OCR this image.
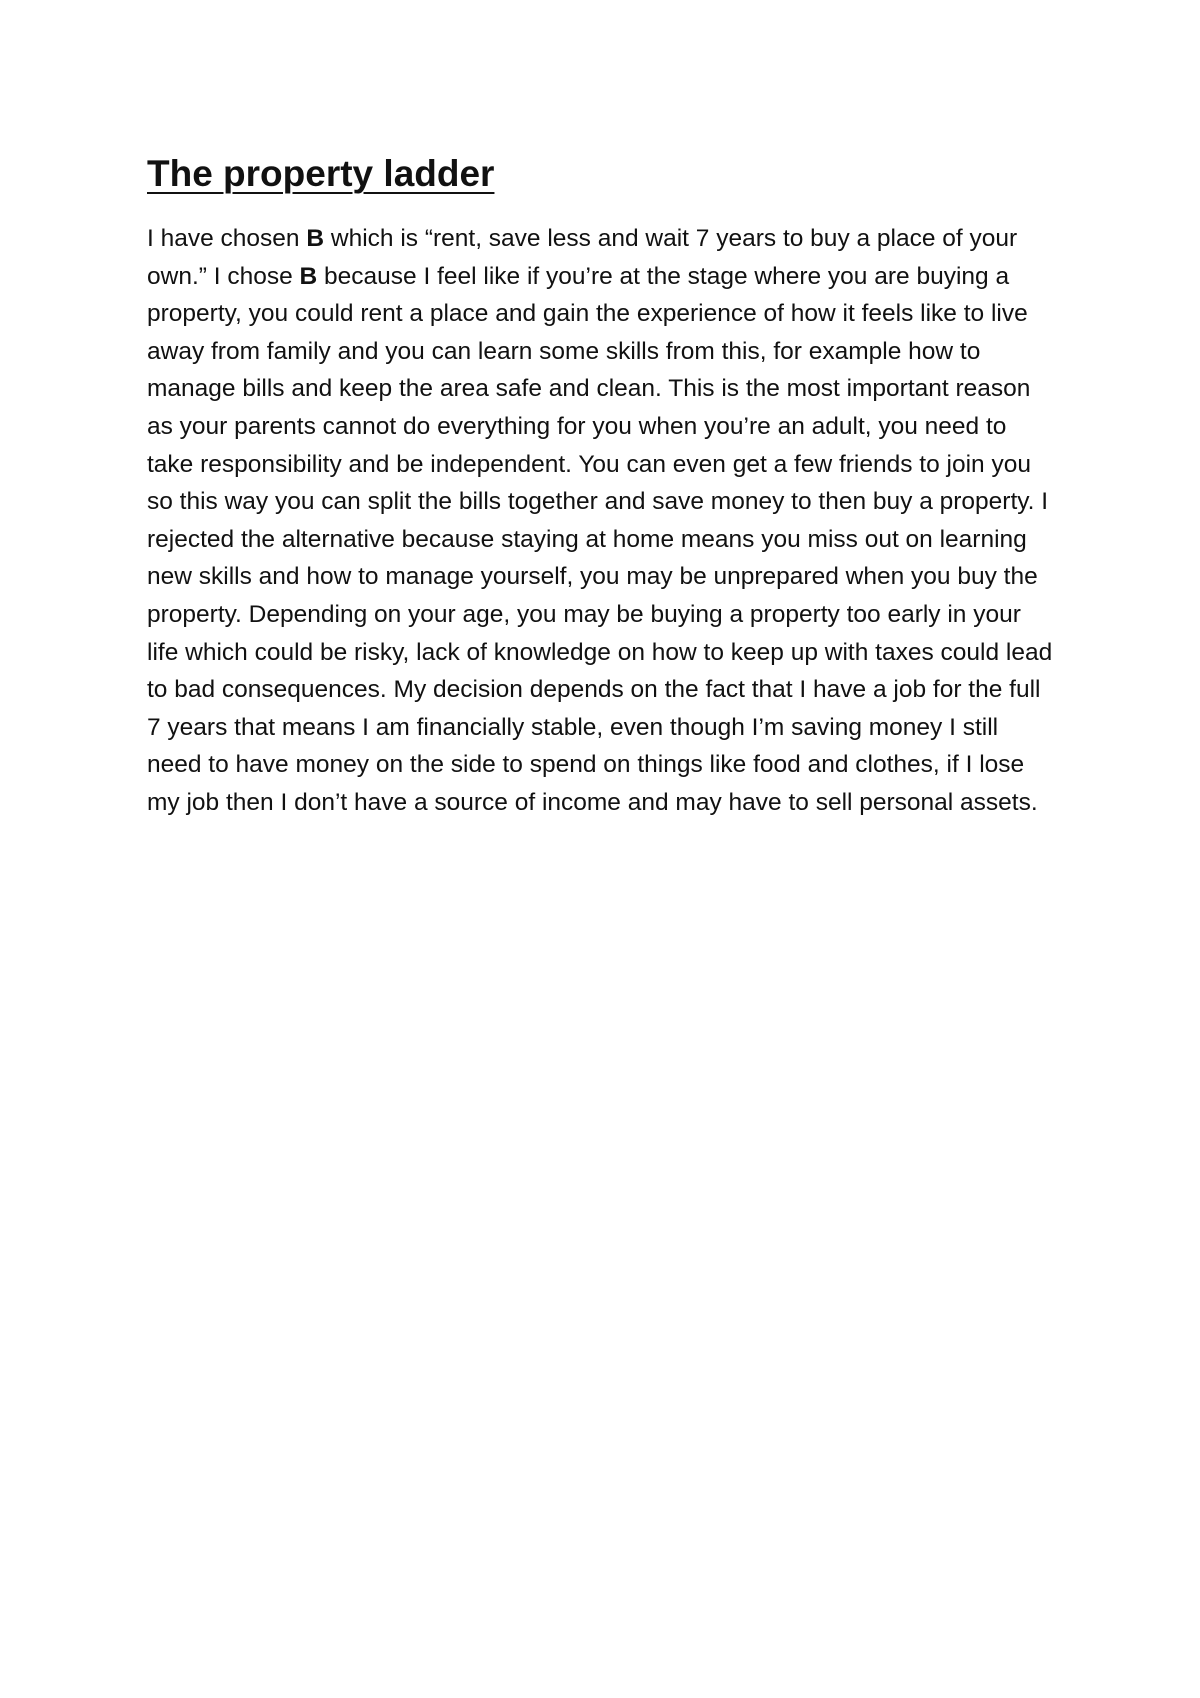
The property ladder

I have chosen B which is “rent, save less and wait 7 years to buy a place of your own.” I chose B because I feel like if you’re at the stage where you are buying a property, you could rent a place and gain the experience of how it feels like to live away from family and you can learn some skills from this, for example how to manage bills and keep the area safe and clean. This is the most important reason as your parents cannot do everything for you when you’re an adult, you need to take responsibility and be independent. You can even get a few friends to join you so this way you can split the bills together and save money to then buy a property. I rejected the alternative because staying at home means you miss out on learning new skills and how to manage yourself, you may be unprepared when you buy the property. Depending on your age, you may be buying a property too early in your life which could be risky, lack of knowledge on how to keep up with taxes could lead to bad consequences. My decision depends on the fact that I have a job for the full 7 years that means I am financially stable, even though I’m saving money I still need to have money on the side to spend on things like food and clothes, if I lose my job then I don’t have a source of income and may have to sell personal assets.
